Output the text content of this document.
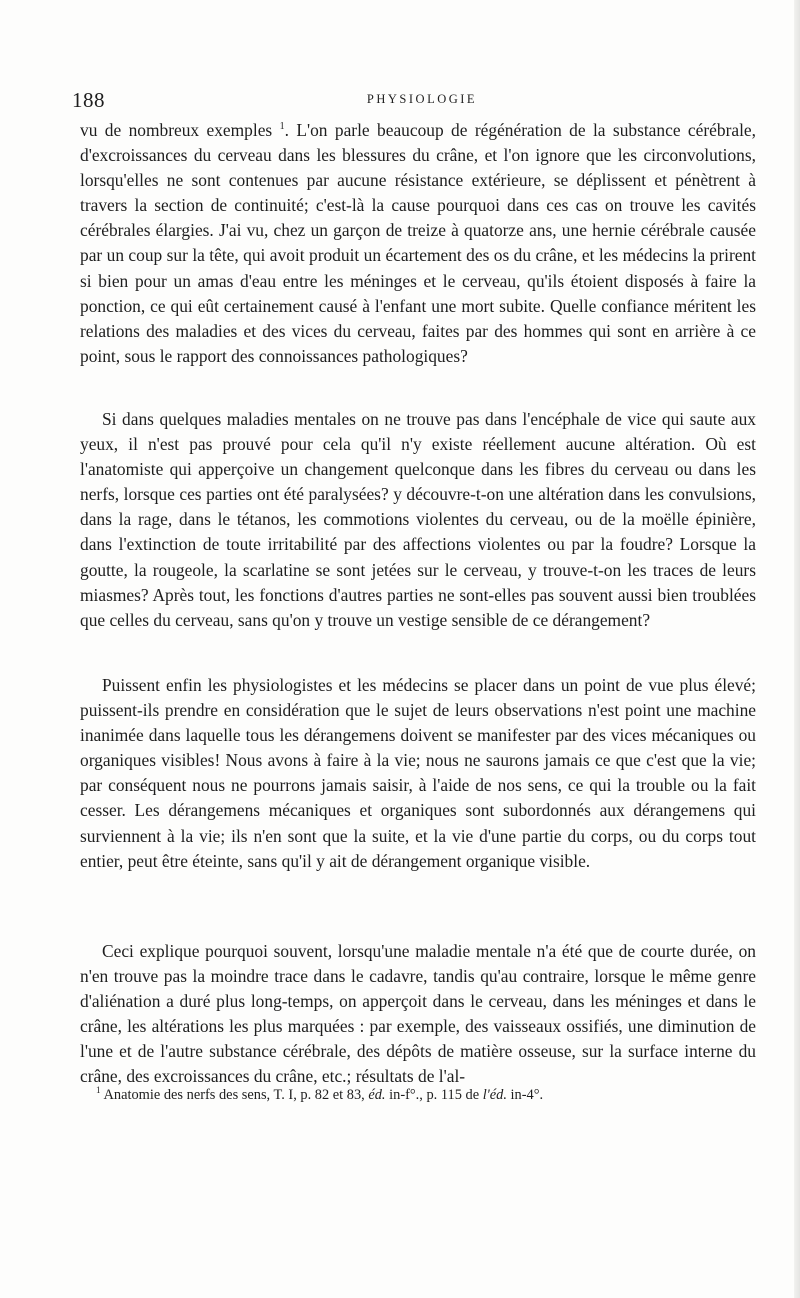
188	PHYSIOLOGIE

vu de nombreux exemples $^1$. L'on parle beaucoup de régénération de la substance cérébrale, d'excroissances du cerveau dans les blessures du crâne, et l'on ignore que les circonvolutions, lorsqu'elles ne sont contenues par aucune résistance extérieure, se déplissent et pénètrent à travers la section de continuité; c'est-là la cause pourquoi dans ces cas on trouve les cavités cérébrales élargies. J'ai vu, chez un garçon de treize à quatorze ans, une hernie cérébrale causée par un coup sur la tête, qui avoit produit un écartement des os du crâne, et les médecins la prirent si bien pour un amas d'eau entre les méninges et le cerveau, qu'ils étoient disposés à faire la ponction, ce qui eût certainement causé à l'enfant une mort subite. Quelle confiance méritent les relations des maladies et des vices du cerveau, faites par des hommes qui sont en arrière à ce point, sous le rapport des connoissances pathologiques?

Si dans quelques maladies mentales on ne trouve pas dans l'encéphale de vice qui saute aux yeux, il n'est pas prouvé pour cela qu'il n'y existe réellement aucune altération. Où est l'anatomiste qui apperçoive un changement quelconque dans les fibres du cerveau ou dans les nerfs, lorsque ces parties ont été paralysées? y découvre-t-on une altération dans les convulsions, dans la rage, dans le tétanos, les commotions violentes du cerveau, ou de la moëlle épinière, dans l'extinction de toute irritabilité par des affections violentes ou par la foudre? Lorsque la goutte, la rougeole, la scarlatine se sont jetées sur le cerveau, y trouve-t-on les traces de leurs miasmes? Après tout, les fonctions d'autres parties ne sont-elles pas souvent aussi bien troublées que celles du cerveau, sans qu'on y trouve un vestige sensible de ce dérangement?

Puissent enfin les physiologistes et les médecins se placer dans un point de vue plus élevé; puissent-ils prendre en considération que le sujet de leurs observations n'est point une machine inanimée dans laquelle tous les dérangemens doivent se manifester par des vices mécaniques ou organiques visibles! Nous avons à faire à la vie; nous ne saurons jamais ce que c'est que la vie; par conséquent nous ne pourrons jamais saisir, à l'aide de nos sens, ce qui la trouble ou la fait cesser. Les dérangemens mécaniques et organiques sont subordonnés aux dérangemens qui surviennent à la vie; ils n'en sont que la suite, et la vie d'une partie du corps, ou du corps tout entier, peut être éteinte, sans qu'il y ait de dérangement organique visible.

Ceci explique pourquoi souvent, lorsqu'une maladie mentale n'a été que de courte durée, on n'en trouve pas la moindre trace dans le cadavre, tandis qu'au contraire, lorsque le même genre d'aliénation a duré plus long-temps, on apperçoit dans le cerveau, dans les méninges et dans le crâne, les altérations les plus marquées : par exemple, des vaisseaux ossifiés, une diminution de l'une et de l'autre substance cérébrale, des dépôts de matière osseuse, sur la surface interne du crâne, des excroissances du crâne, etc.; résultats de l'al-

$^1$ Anatomie des nerfs des sens, T. I, p. 82 et 83, éd. in-f°., p. 115 de l'éd. in-4°.
